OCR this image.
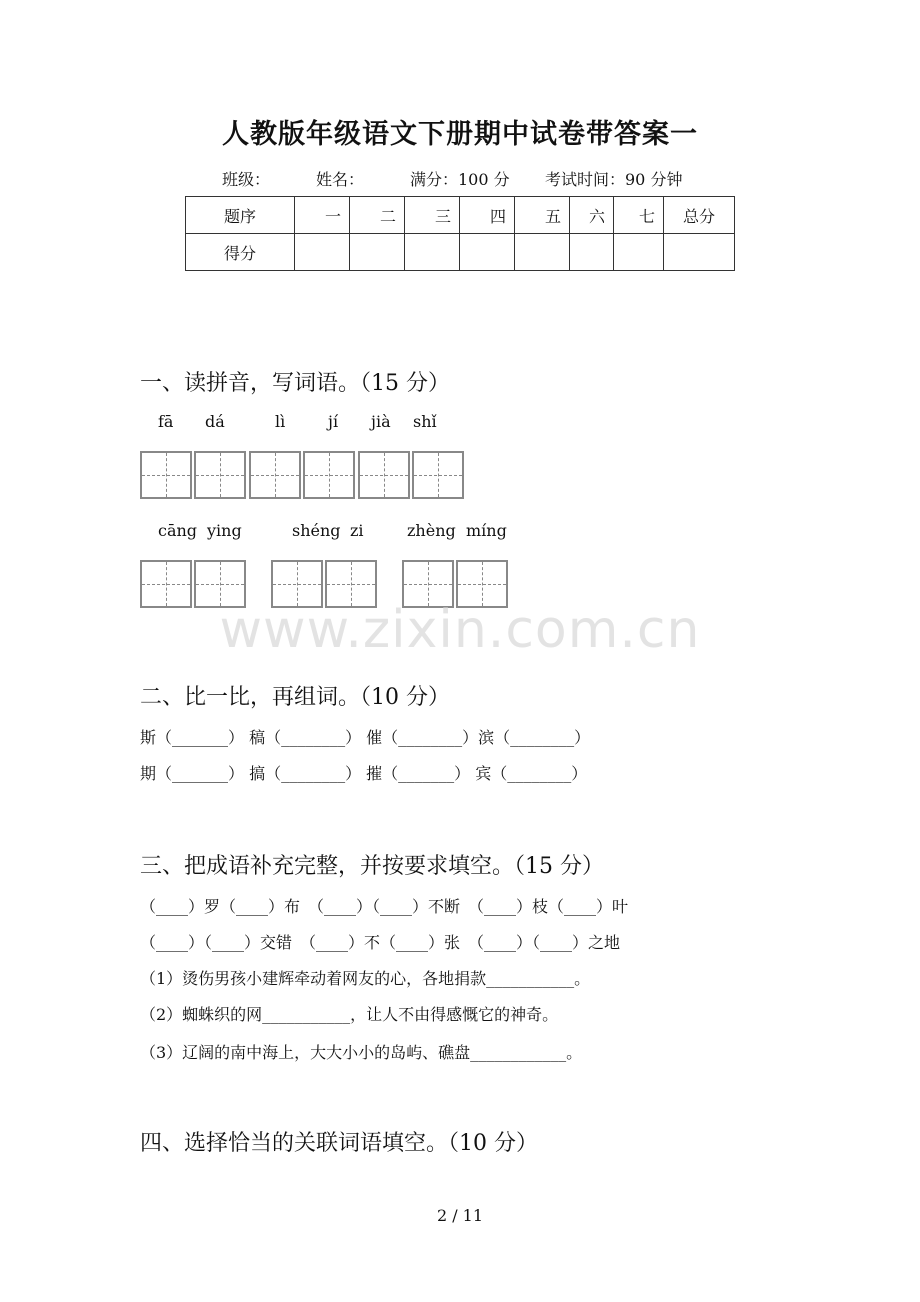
人教版年级语文下册期中试卷带答案一
班级：	姓名：	满分：100 分 考试时间：90 分钟
题序	一	二	三	四	五	六	七	总分
得分								
一、读拼音，写词语。（15 分）
fā dá	lì	jí jià shǐ
cāng ying	shéng zi	zhèng míng
www.zixin.com.cn
二、比一比，再组词。（10 分）
斯（_______） 稿（________） 催（________）滨（________）
期（_______） 搞（________） 摧（_______） 宾（________）
三、把成语补充完整，并按要求填空。（15 分）
（____）罗（____）布　（____）（____）不断　（____）枝（____）叶
（____）（____）交错　（____）不（____）张　（____）（____）之地
（1）烫伤男孩小建辉牵动着网友的心，各地捐款___________。
（2）蜘蛛织的网___________，让人不由得感慨它的神奇。
（3）辽阔的南中海上，大大小小的岛屿、礁盘____________。
四、选择恰当的关联词语填空。（10 分）
2 / 11
